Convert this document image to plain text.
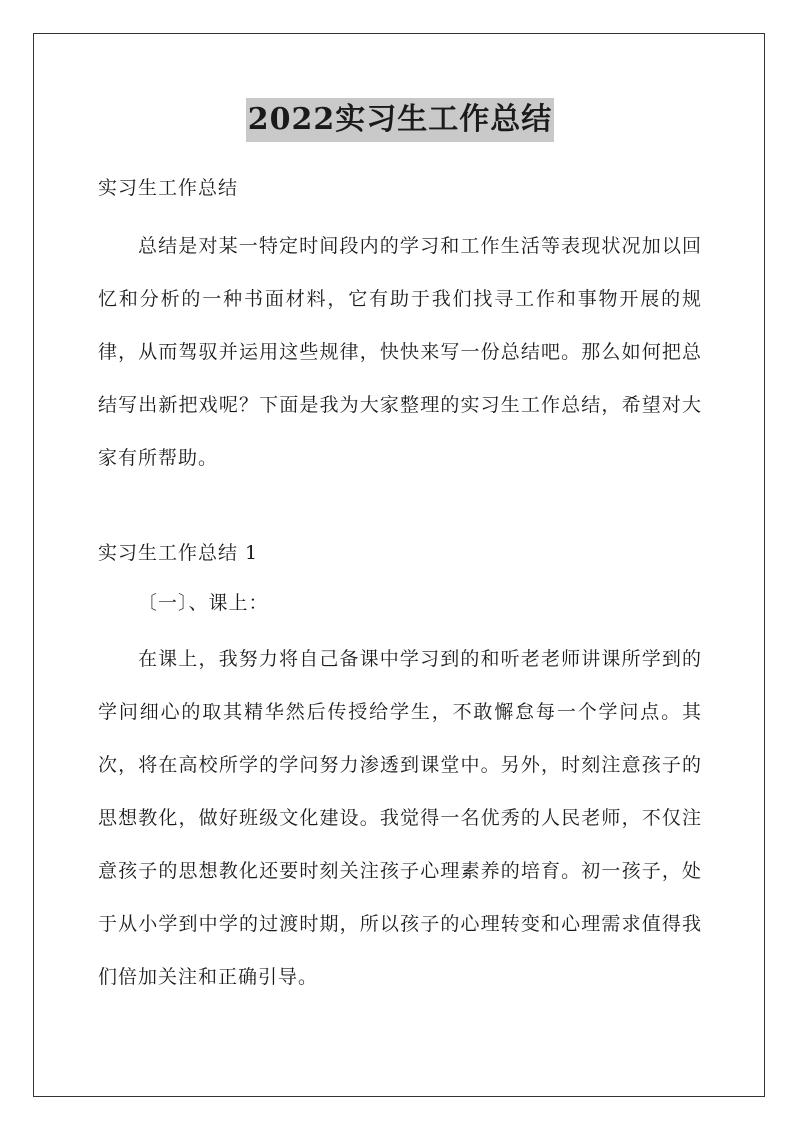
2022实习生工作总结

实习生工作总结

总结是对某一特定时间段内的学习和工作生活等表现状况加以回忆和分析的一种书面材料，它有助于我们找寻工作和事物开展的规律，从而驾驭并运用这些规律，快快来写一份总结吧。那么如何把总结写出新把戏呢？下面是我为大家整理的实习生工作总结，希望对大家有所帮助。

实习生工作总结 1

〔一〕、课上：

在课上，我努力将自己备课中学习到的和听老老师讲课所学到的学问细心的取其精华然后传授给学生，不敢懈怠每一个学问点。其次，将在高校所学的学问努力渗透到课堂中。另外，时刻注意孩子的思想教化，做好班级文化建设。我觉得一名优秀的人民老师，不仅注意孩子的思想教化还要时刻关注孩子心理素养的培育。初一孩子，处于从小学到中学的过渡时期，所以孩子的心理转变和心理需求值得我们倍加关注和正确引导。
